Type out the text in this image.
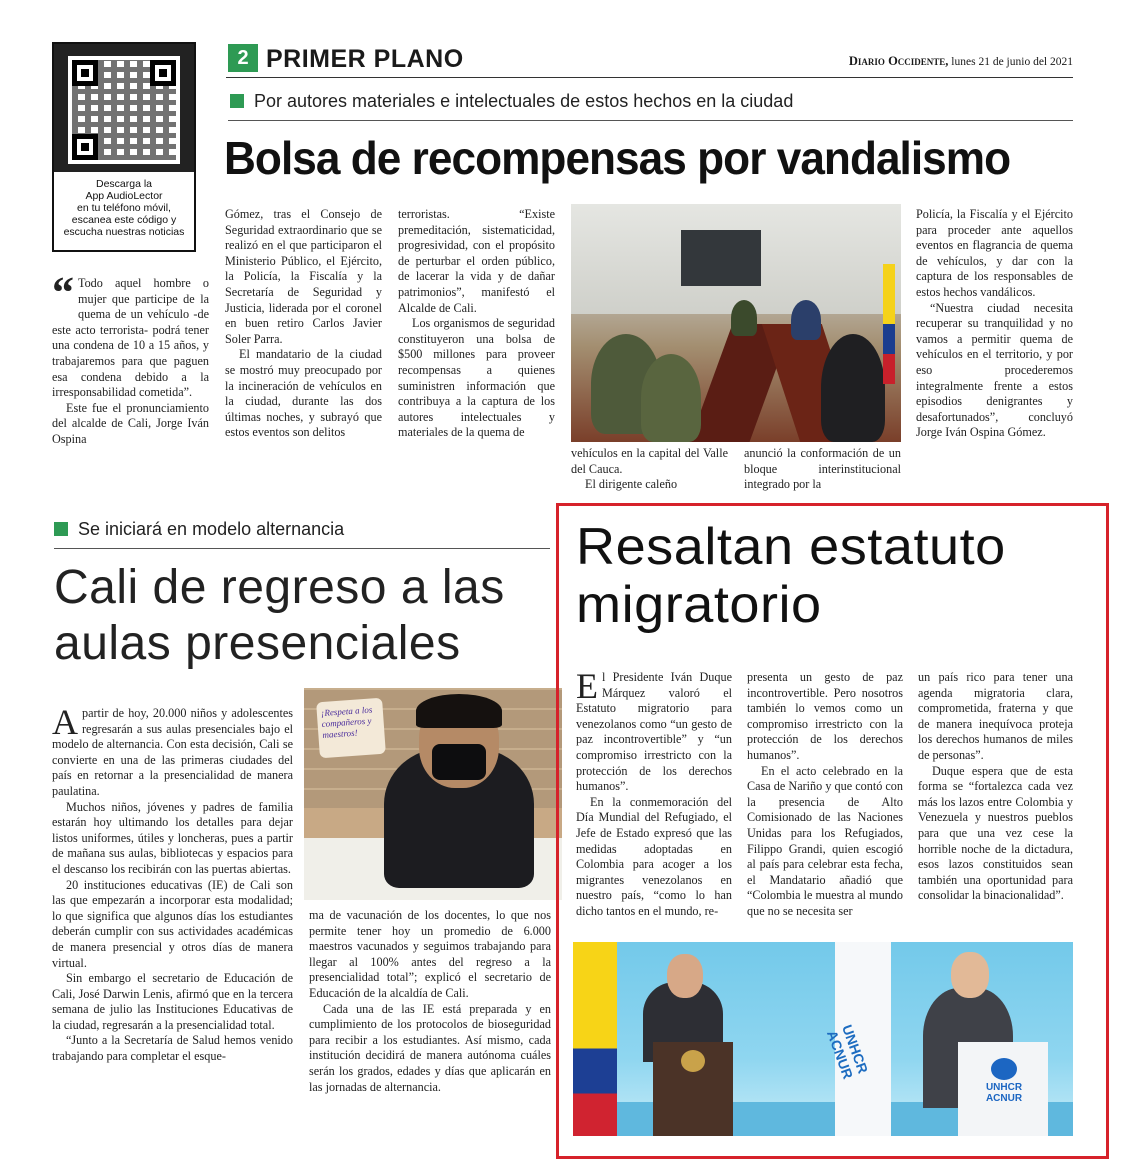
Descarga la
App AudioLector
en tu teléfono móvil,
escanea este código y
escucha nuestras noticias
2 PRIMER PLANO	Diario Occidente, lunes 21 de junio del 2021
Por autores materiales e intelectuales de estos hechos en la ciudad
Bolsa de recompensas por vandalismo

“ Todo aquel hombre o mujer que participe de la quema de un vehículo -de este acto terrorista- podrá tener una condena de 10 a 15 años, y trabajaremos para que paguen esa condena debido a la irresponsabilidad cometida”.

Este fue el pronunciamiento del alcalde de Cali, Jorge Iván Ospina

Gómez, tras el Consejo de Seguridad extraordinario que se realizó en el que participaron el Ministerio Público, el Ejército, la Policía, la Fiscalía y la Secretaría de Seguridad y Justicia, liderada por el coronel en buen retiro Carlos Javier Soler Parra.

El mandatario de la ciudad se mostró muy preocupado por la incineración de vehículos en la ciudad, durante las dos últimas noches, y subrayó que estos eventos son delitos

terroristas. “Existe premeditación, sistematicidad, progresividad, con el propósito de perturbar el orden público, de lacerar la vida y de dañar patrimonios”, manifestó el Alcalde de Cali.

Los organismos de seguridad constituyeron una bolsa de $500 millones para proveer recompensas a quienes suministren información que contribuya a la captura de los autores intelectuales y materiales de la quema de

vehículos en la capital del Valle del Cauca.

El dirigente caleño

anunció la conformación de un bloque interinstitucional integrado por la

Policía, la Fiscalía y el Ejército para proceder ante aquellos eventos en flagrancia de quema de vehículos, y dar con la captura de los responsables de estos hechos vandálicos.

“Nuestra ciudad necesita recuperar su tranquilidad y no vamos a permitir quema de vehículos en el territorio, y por eso procederemos integralmente frente a estos episodios denigrantes y desafortunados”, concluyó Jorge Iván Ospina Gómez.

Se iniciará en modelo alternancia
Cali de regreso a las aulas presenciales

Apartir de hoy, 20.000 niños y adolescentes regresarán a sus aulas presenciales bajo el modelo de alternancia. Con esta decisión, Cali se convierte en una de las primeras ciudades del país en retornar a la presencialidad de manera paulatina.

Muchos niños, jóvenes y padres de familia estarán hoy ultimando los detalles para dejar listos uniformes, útiles y loncheras, pues a partir de mañana sus aulas, bibliotecas y espacios para el descanso los recibirán con las puertas abiertas.

20 instituciones educativas (IE) de Cali son las que empezarán a incorporar esta modalidad; lo que significa que algunos días los estudiantes deberán cumplir con sus actividades académicas de manera presencial y otros días de manera virtual.

Sin embargo el secretario de Educación de Cali, José Darwin Lenis, afirmó que en la tercera semana de julio las Instituciones Educativas de la ciudad, regresarán a la presencialidad total.

“Junto a la Secretaría de Salud hemos venido trabajando para completar el esque-

¡Respeta a los compañeros y maestros!

ma de vacunación de los docentes, lo que nos permite tener hoy un promedio de 6.000 maestros vacunados y seguimos trabajando para llegar al 100% antes del regreso a la presencialidad total”; explicó el secretario de Educación de la alcaldía de Cali.

Cada una de las IE está preparada y en cumplimiento de los protocolos de bioseguridad para recibir a los estudiantes. Así mismo, cada institución decidirá de manera autónoma cuáles serán los grados, edades y días que aplicarán en las jornadas de alternancia.

Resaltan estatuto migratorio

El Presidente Iván Duque Márquez valoró el Estatuto migratorio para venezolanos como “un gesto de paz incontrovertible” y “un compromiso irrestricto con la protección de los derechos humanos”.

En la conmemoración del Día Mundial del Refugiado, el Jefe de Estado expresó que las medidas adoptadas en Colombia para acoger a los migrantes venezolanos en nuestro país, “como lo han dicho tantos en el mundo, re-

presenta un gesto de paz incontrovertible. Pero nosotros también lo vemos como un compromiso irrestricto con la protección de los derechos humanos”.

En el acto celebrado en la Casa de Nariño y que contó con la presencia de Alto Comisionado de las Naciones Unidas para los Refugiados, Filippo Grandi, quien escogió al país para celebrar esta fecha, el Mandatario añadió que “Colombia le muestra al mundo que no se necesita ser

un país rico para tener una agenda migratoria clara, comprometida, fraterna y que de manera inequívoca proteja los derechos humanos de miles de personas”.

Duque espera que de esta forma se “fortalezca cada vez más los lazos entre Colombia y Venezuela y nuestros pueblos para que una vez cese la horrible noche de la dictadura, esos lazos constituidos sean también una oportunidad para consolidar la binacionalidad”.

UNHCR ACNUR
UNHCR
ACNUR
